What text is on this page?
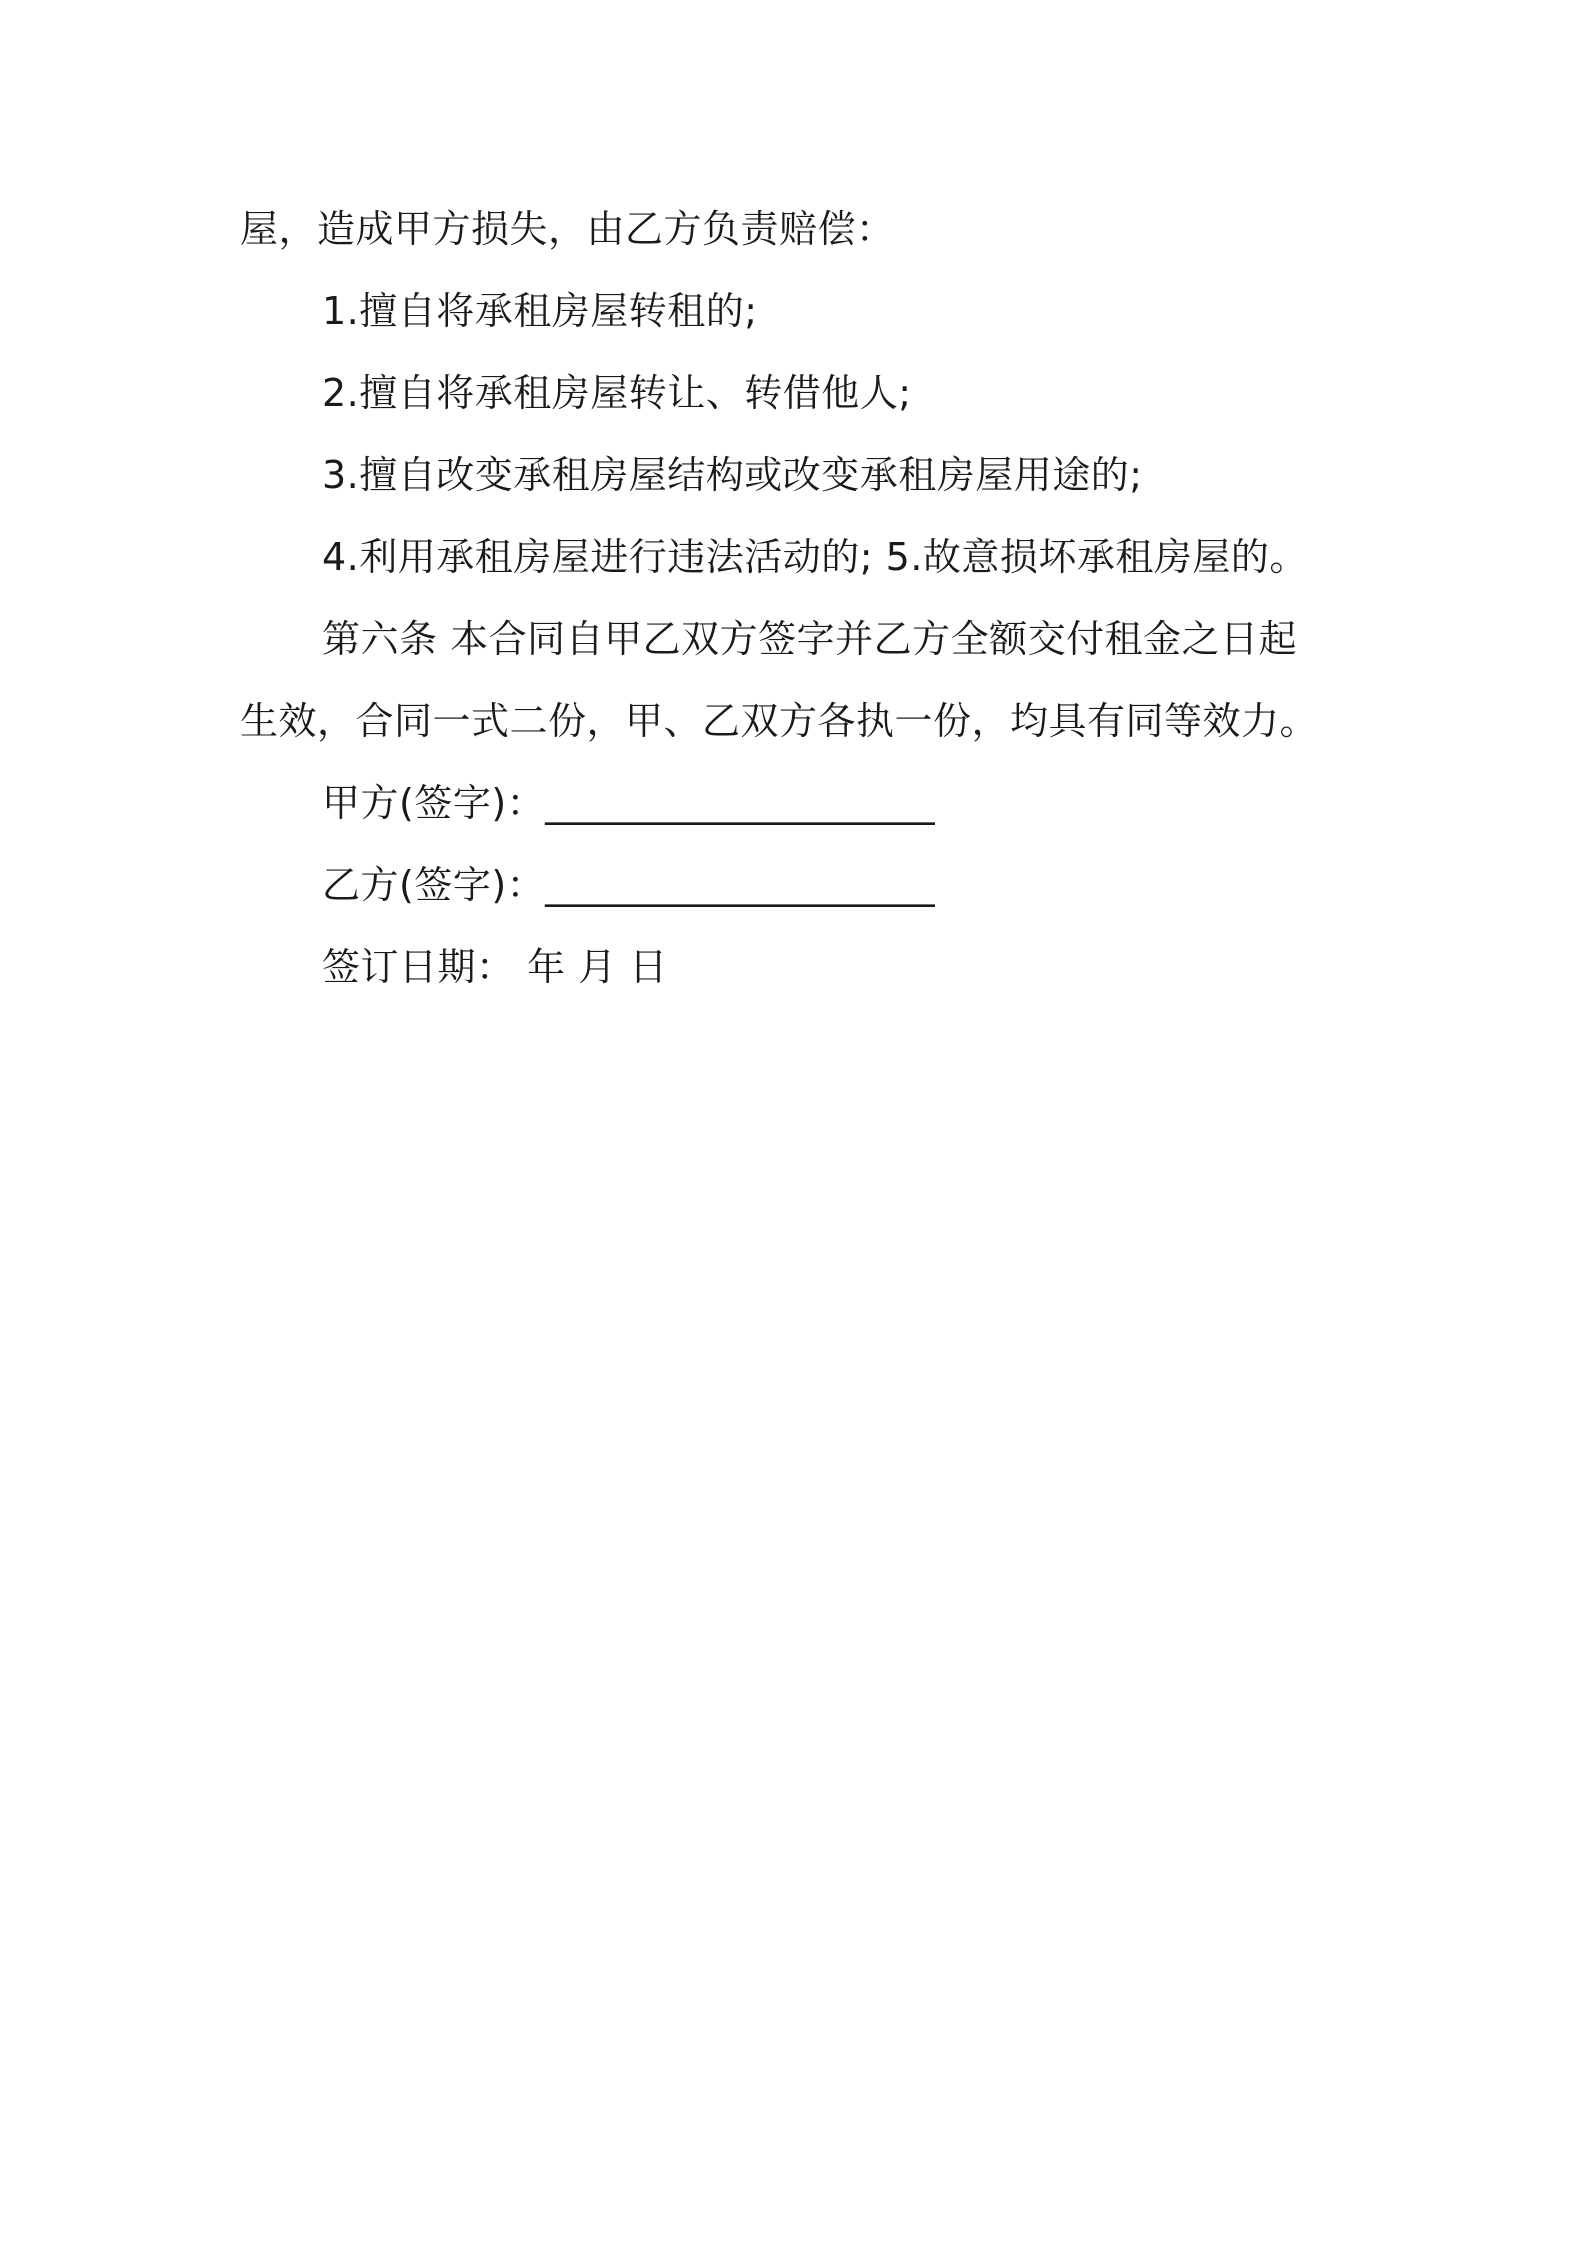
屋，造成甲方损失，由乙方负责赔偿：
1.擅自将承租房屋转租的;
2.擅自将承租房屋转让、转借他人;
3.擅自改变承租房屋结构或改变承租房屋用途的;
4.利用承租房屋进行违法活动的; 5.故意损坏承租房屋的。
第六条 本合同自甲乙双方签字并乙方全额交付租金之日起
生效，合同一式二份，甲、乙双方各执一份，均具有同等效力。
甲方(签字)：____________________
乙方(签字)：____________________
签订日期： 年 月 日
